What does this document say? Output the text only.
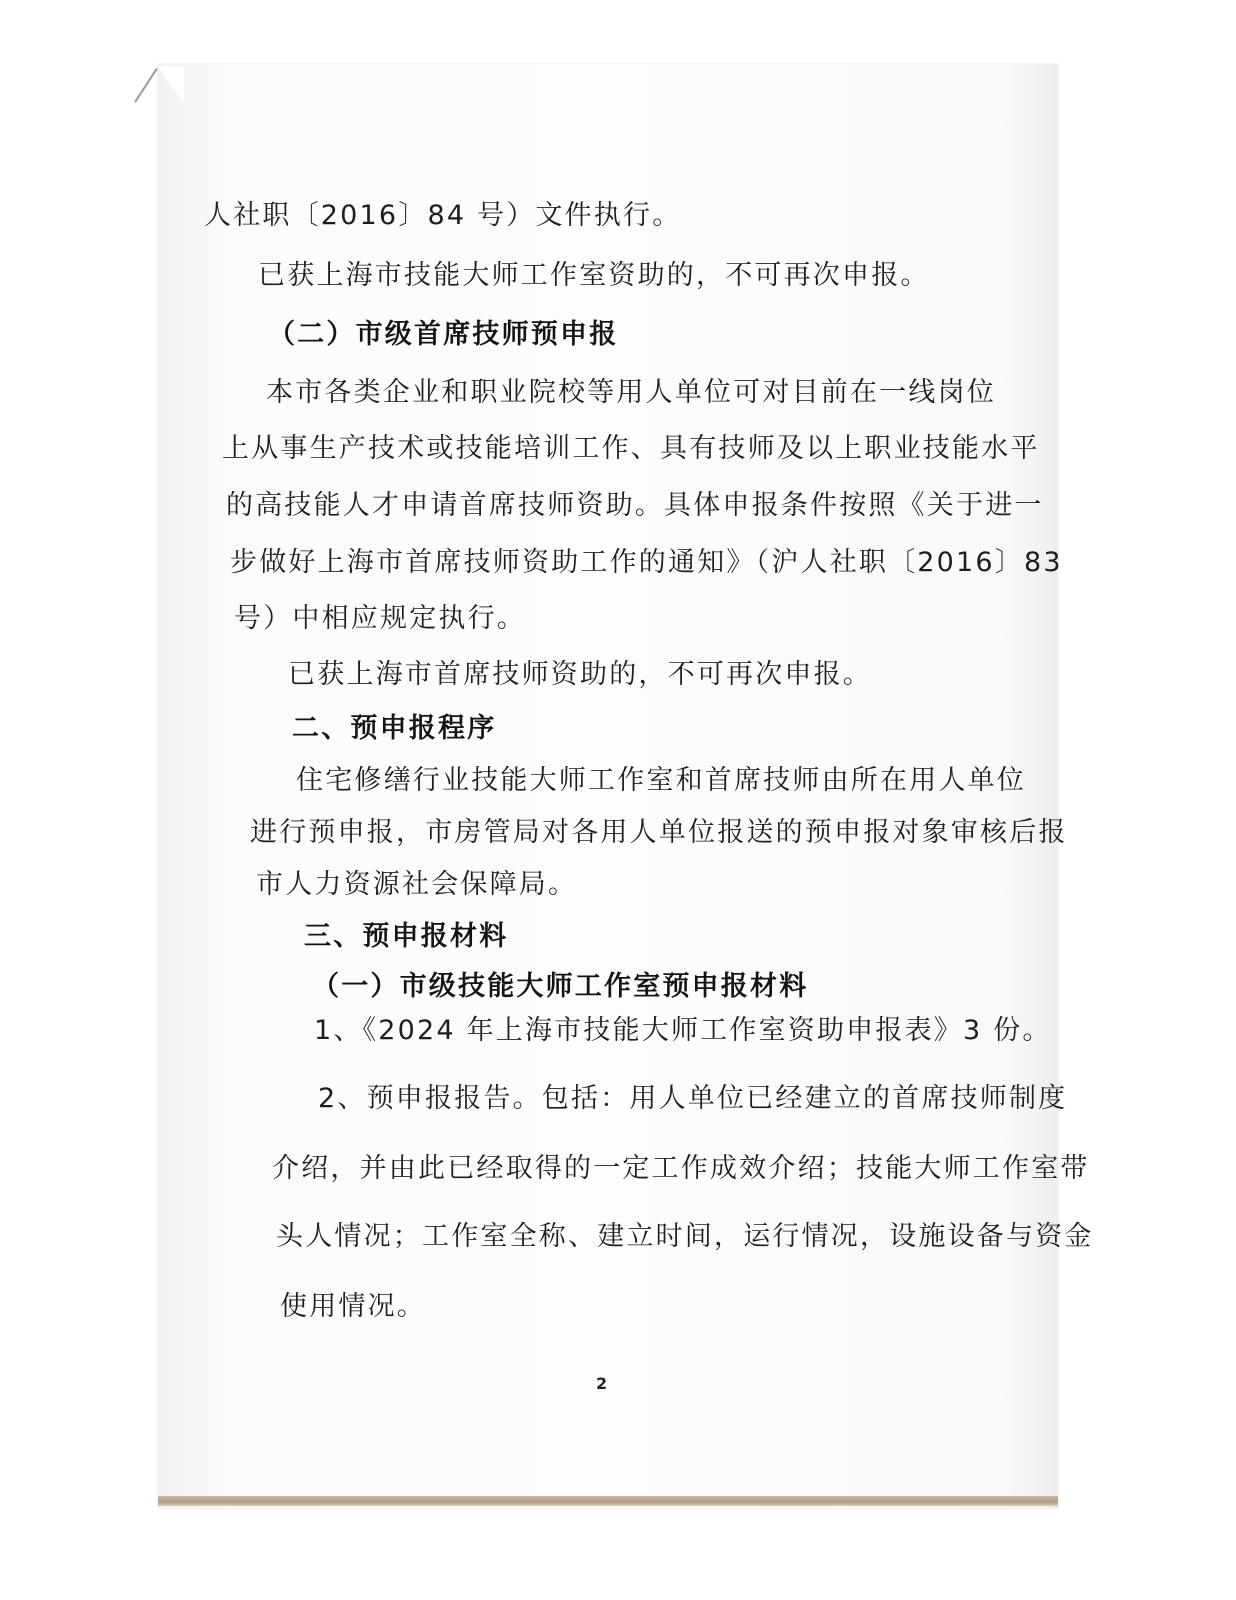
人社职〔2016〕84 号）文件执行。
已获上海市技能大师工作室资助的，不可再次申报。
（二）市级首席技师预申报
本市各类企业和职业院校等用人单位可对目前在一线岗位
上从事生产技术或技能培训工作、具有技师及以上职业技能水平
的高技能人才申请首席技师资助。具体申报条件按照《关于进一
步做好上海市首席技师资助工作的通知》（沪人社职〔2016〕83
号）中相应规定执行。
已获上海市首席技师资助的，不可再次申报。
二、预申报程序
住宅修缮行业技能大师工作室和首席技师由所在用人单位
进行预申报，市房管局对各用人单位报送的预申报对象审核后报
市人力资源社会保障局。
三、预申报材料
（一）市级技能大师工作室预申报材料
1、《2024 年上海市技能大师工作室资助申报表》3 份。
2、预申报报告。包括：用人单位已经建立的首席技师制度
介绍，并由此已经取得的一定工作成效介绍；技能大师工作室带
头人情况；工作室全称、建立时间，运行情况，设施设备与资金
使用情况。
2
